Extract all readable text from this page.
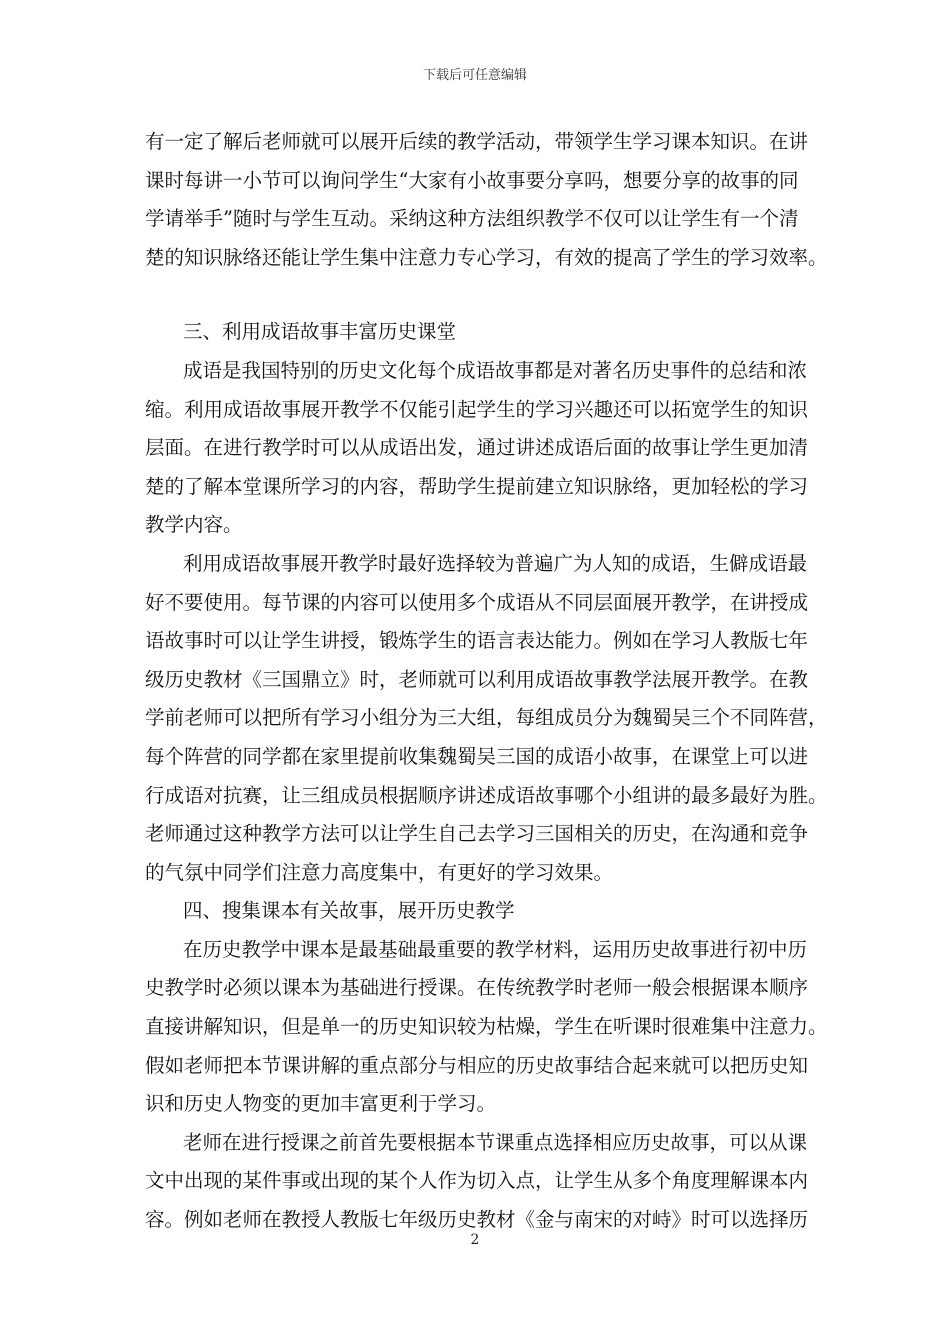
下载后可任意编辑
有一定了解后老师就可以展开后续的教学活动，带领学生学习课本知识。在讲
课时每讲一小节可以询问学生“大家有小故事要分享吗，想要分享的故事的同
学请举手”随时与学生互动。采纳这种方法组织教学不仅可以让学生有一个清
楚的知识脉络还能让学生集中注意力专心学习，有效的提高了学生的学习效率。
三、利用成语故事丰富历史课堂
成语是我国特别的历史文化每个成语故事都是对著名历史事件的总结和浓
缩。利用成语故事展开教学不仅能引起学生的学习兴趣还可以拓宽学生的知识
层面。在进行教学时可以从成语出发，通过讲述成语后面的故事让学生更加清
楚的了解本堂课所学习的内容，帮助学生提前建立知识脉络，更加轻松的学习
教学内容。
利用成语故事展开教学时最好选择较为普遍广为人知的成语，生僻成语最
好不要使用。每节课的内容可以使用多个成语从不同层面展开教学，在讲授成
语故事时可以让学生讲授，锻炼学生的语言表达能力。例如在学习人教版七年
级历史教材《三国鼎立》时，老师就可以利用成语故事教学法展开教学。在教
学前老师可以把所有学习小组分为三大组，每组成员分为魏蜀吴三个不同阵营，
每个阵营的同学都在家里提前收集魏蜀吴三国的成语小故事，在课堂上可以进
行成语对抗赛，让三组成员根据顺序讲述成语故事哪个小组讲的最多最好为胜。
老师通过这种教学方法可以让学生自己去学习三国相关的历史，在沟通和竞争
的气氛中同学们注意力高度集中，有更好的学习效果。
四、搜集课本有关故事，展开历史教学
在历史教学中课本是最基础最重要的教学材料，运用历史故事进行初中历
史教学时必须以课本为基础进行授课。在传统教学时老师一般会根据课本顺序
直接讲解知识，但是单一的历史知识较为枯燥，学生在听课时很难集中注意力。
假如老师把本节课讲解的重点部分与相应的历史故事结合起来就可以把历史知
识和历史人物变的更加丰富更利于学习。
老师在进行授课之前首先要根据本节课重点选择相应历史故事，可以从课
文中出现的某件事或出现的某个人作为切入点，让学生从多个角度理解课本内
容。例如老师在教授人教版七年级历史教材《金与南宋的对峙》时可以选择历
2
